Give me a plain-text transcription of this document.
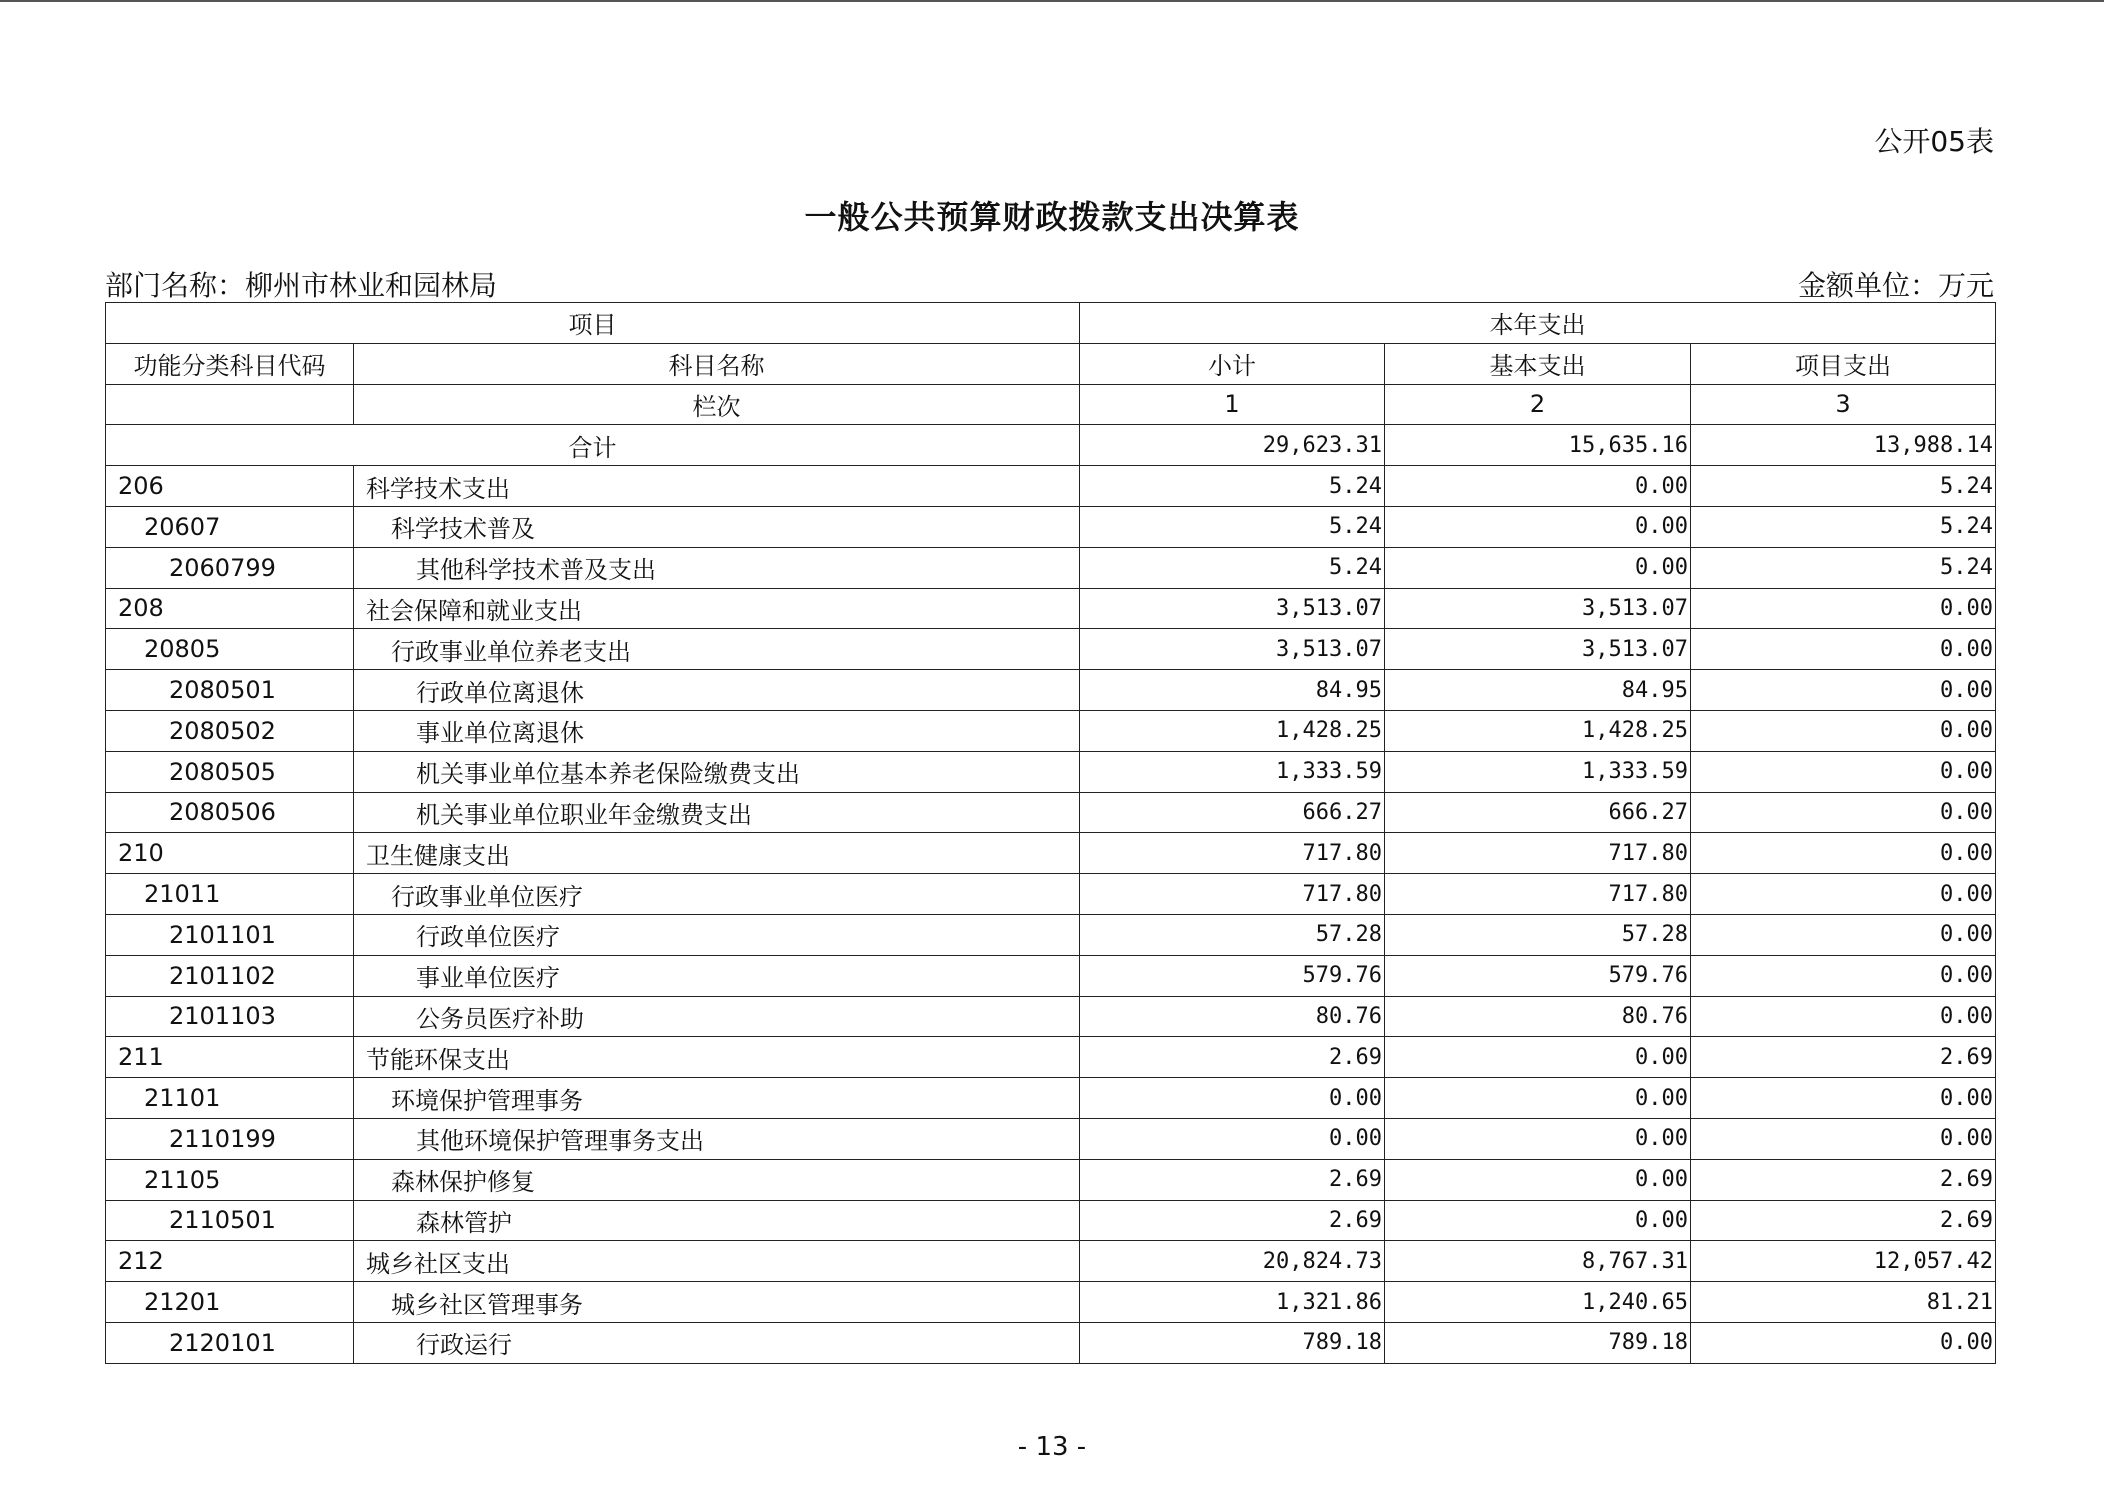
公开05表
一般公共预算财政拨款支出决算表
部门名称：柳州市林业和园林局	金额单位：万元
项目		本年支出		
功能分类科目代码	科目名称	小计	基本支出	项目支出
	栏次	1	2	3
合计		29,623.31	15,635.16	13,988.14
206	科学技术支出	5.24	0.00	5.24
20607	科学技术普及	5.24	0.00	5.24
2060799	其他科学技术普及支出	5.24	0.00	5.24
208	社会保障和就业支出	3,513.07	3,513.07	0.00
20805	行政事业单位养老支出	3,513.07	3,513.07	0.00
2080501	行政单位离退休	84.95	84.95	0.00
2080502	事业单位离退休	1,428.25	1,428.25	0.00
2080505	机关事业单位基本养老保险缴费支出	1,333.59	1,333.59	0.00
2080506	机关事业单位职业年金缴费支出	666.27	666.27	0.00
210	卫生健康支出	717.80	717.80	0.00
21011	行政事业单位医疗	717.80	717.80	0.00
2101101	行政单位医疗	57.28	57.28	0.00
2101102	事业单位医疗	579.76	579.76	0.00
2101103	公务员医疗补助	80.76	80.76	0.00
211	节能环保支出	2.69	0.00	2.69
21101	环境保护管理事务	0.00	0.00	0.00
2110199	其他环境保护管理事务支出	0.00	0.00	0.00
21105	森林保护修复	2.69	0.00	2.69
2110501	森林管护	2.69	0.00	2.69
212	城乡社区支出	20,824.73	8,767.31	12,057.42
21201	城乡社区管理事务	1,321.86	1,240.65	81.21
2120101	行政运行	789.18	789.18	0.00
- 13 -
